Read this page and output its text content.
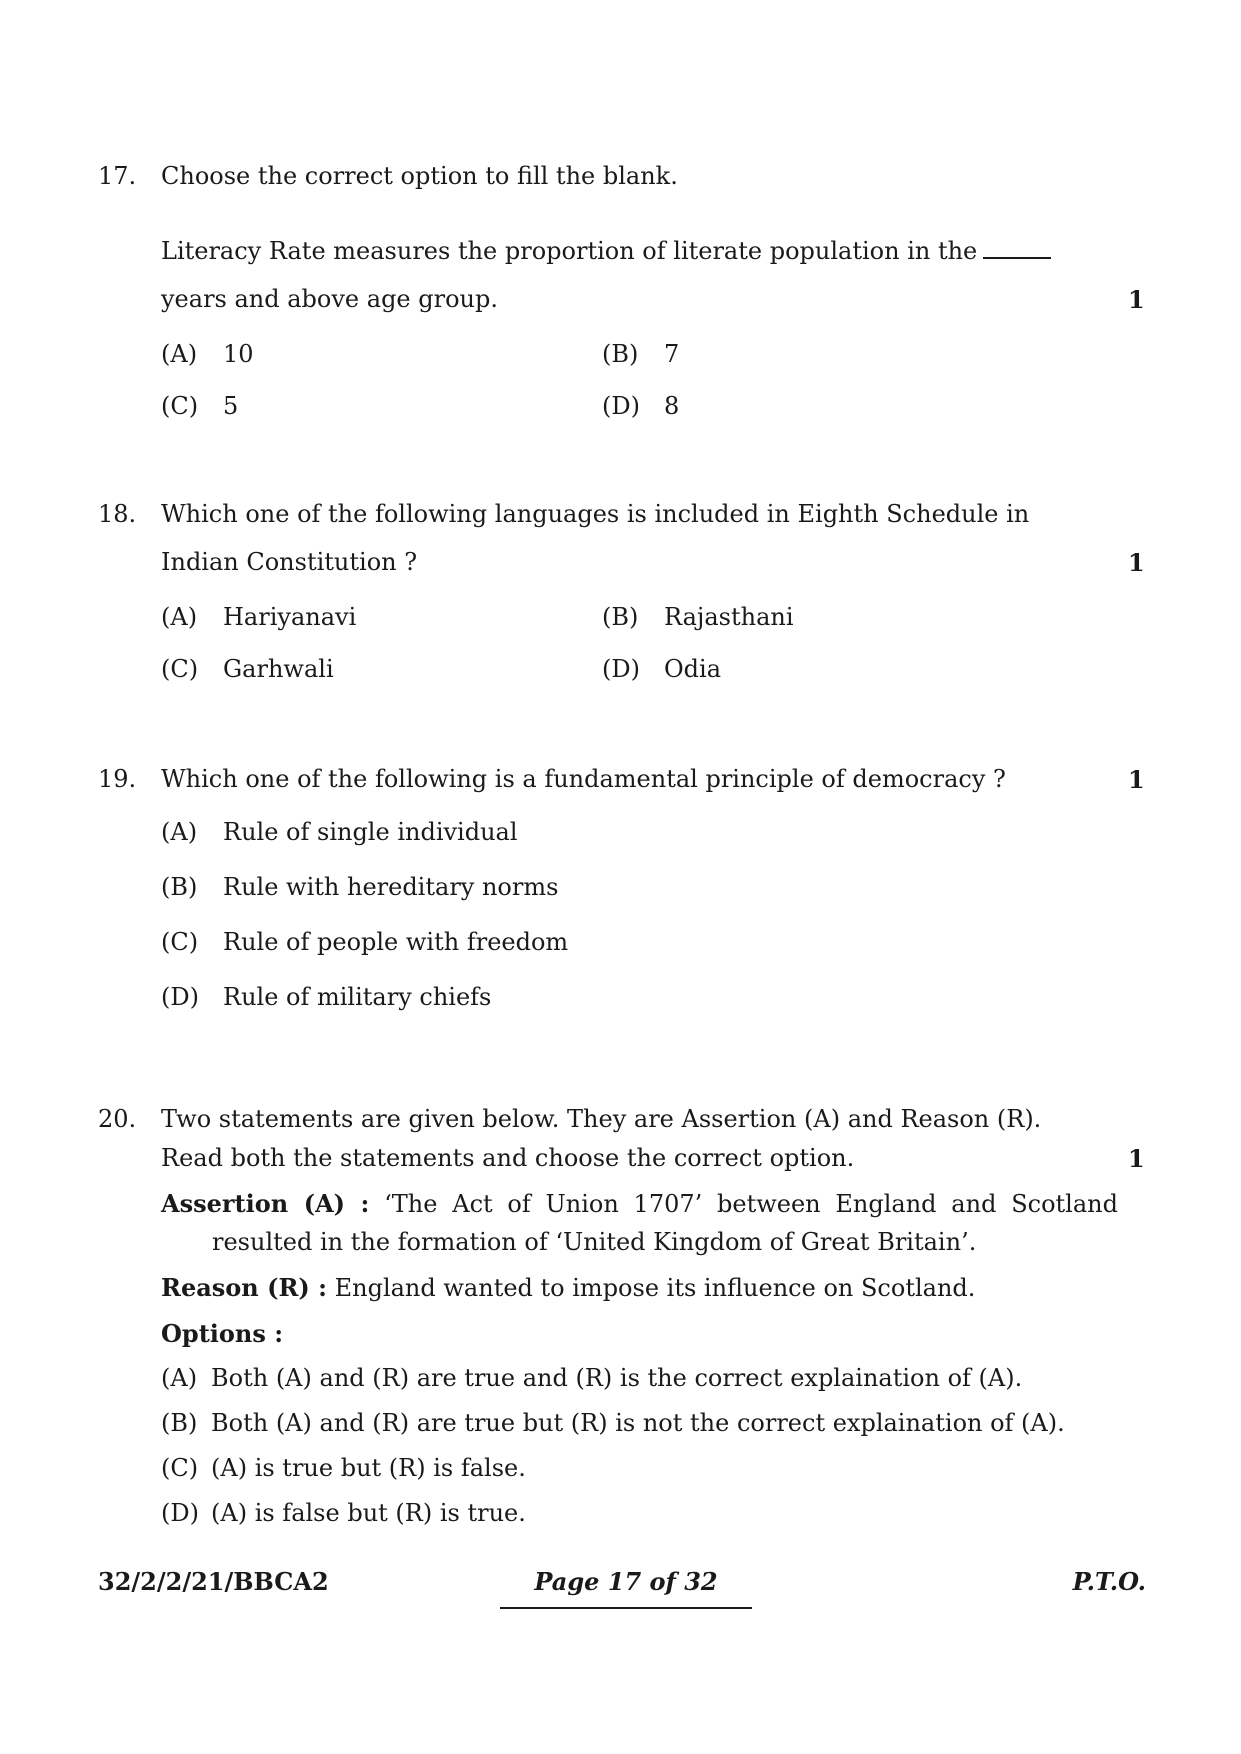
17. Choose the correct option to fill the blank.
Literacy Rate measures the proportion of literate population in the
years and above age group.	1
(A) 10	(B) 7
(C) 5	(D) 8
18. Which one of the following languages is included in Eighth Schedule in
Indian Constitution ?	1
(A) Hariyanavi	(B) Rajasthani
(C) Garhwali	(D) Odia
19. Which one of the following is a fundamental principle of democracy ?	1
(A) Rule of single individual
(B) Rule with hereditary norms
(C) Rule of people with freedom
(D) Rule of military chiefs
20. Two statements are given below. They are Assertion (A) and Reason (R).
Read both the statements and choose the correct option.	1
Assertion (A) : ‘The Act of Union 1707’ between England and Scotland
resulted in the formation of ‘United Kingdom of Great Britain’.
Reason (R) : England wanted to impose its influence on Scotland.
Options :
(A) Both (A) and (R) are true and (R) is the correct explaination of (A).
(B) Both (A) and (R) are true but (R) is not the correct explaination of (A).
(C) (A) is true but (R) is false.
(D) (A) is false but (R) is true.
32/2/2/21/BBCA2	Page 17 of 32	P.T.O.
